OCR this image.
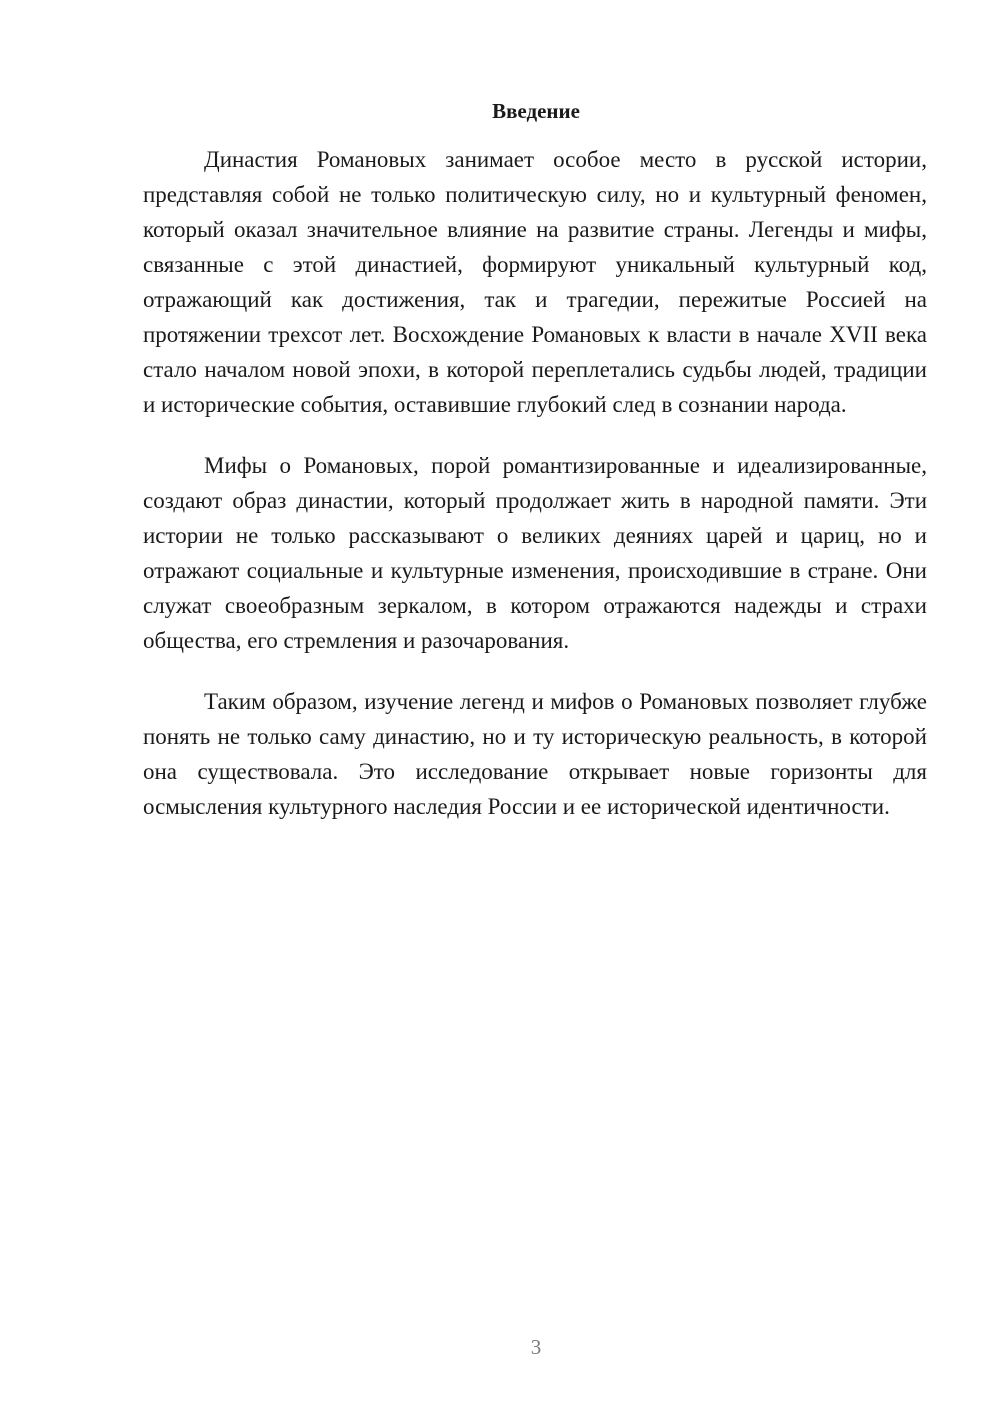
Введение

Династия Романовых занимает особое место в русской истории, представляя собой не только политическую силу, но и культурный феномен, который оказал значительное влияние на развитие страны. Легенды и мифы, связанные с этой династией, формируют уникальный культурный код, отражающий как достижения, так и трагедии, пережитые Россией на протяжении трехсот лет. Восхождение Романовых к власти в начале XVII века стало началом новой эпохи, в которой переплетались судьбы людей, традиции и исторические события, оставившие глубокий след в сознании народа.

Мифы о Романовых, порой романтизированные и идеализированные, создают образ династии, который продолжает жить в народной памяти. Эти истории не только рассказывают о великих деяниях царей и цариц, но и отражают социальные и культурные изменения, происходившие в стране. Они служат своеобразным зеркалом, в котором отражаются надежды и страхи общества, его стремления и разочарования.

Таким образом, изучение легенд и мифов о Романовых позволяет глубже понять не только саму династию, но и ту историческую реальность, в которой она существовала. Это исследование открывает новые горизонты для осмысления культурного наследия России и ее исторической идентичности.

3
